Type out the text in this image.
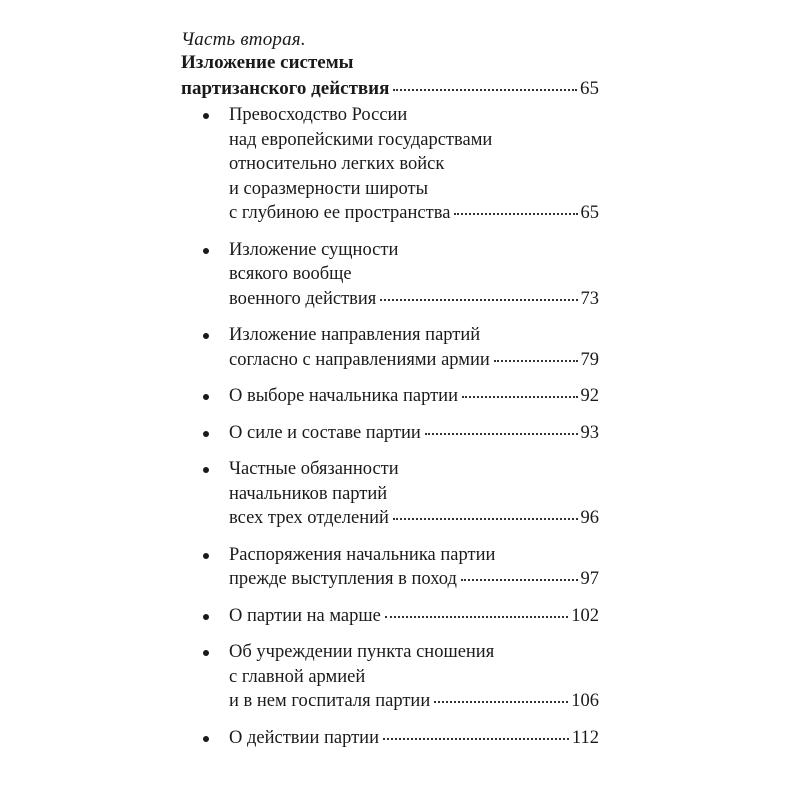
Часть вторая.
Изложение системы
партизанского действия	65
Превосходство России
над европейскими государствами
относительно легких войск
и соразмерности широты
с глубиною ее пространства	65
Изложение сущности
всякого вообще
военного действия	73
Изложение направления партий
согласно с направлениями армии	79
О выборе начальника партии	92
О силе и составе партии	93
Частные обязанности
начальников партий
всех трех отделений	96
Распоряжения начальника партии
прежде выступления в поход	97
О партии на марше	102
Об учреждении пункта сношения
с главной армией
и в нем госпиталя партии	106
О действии партии	112
